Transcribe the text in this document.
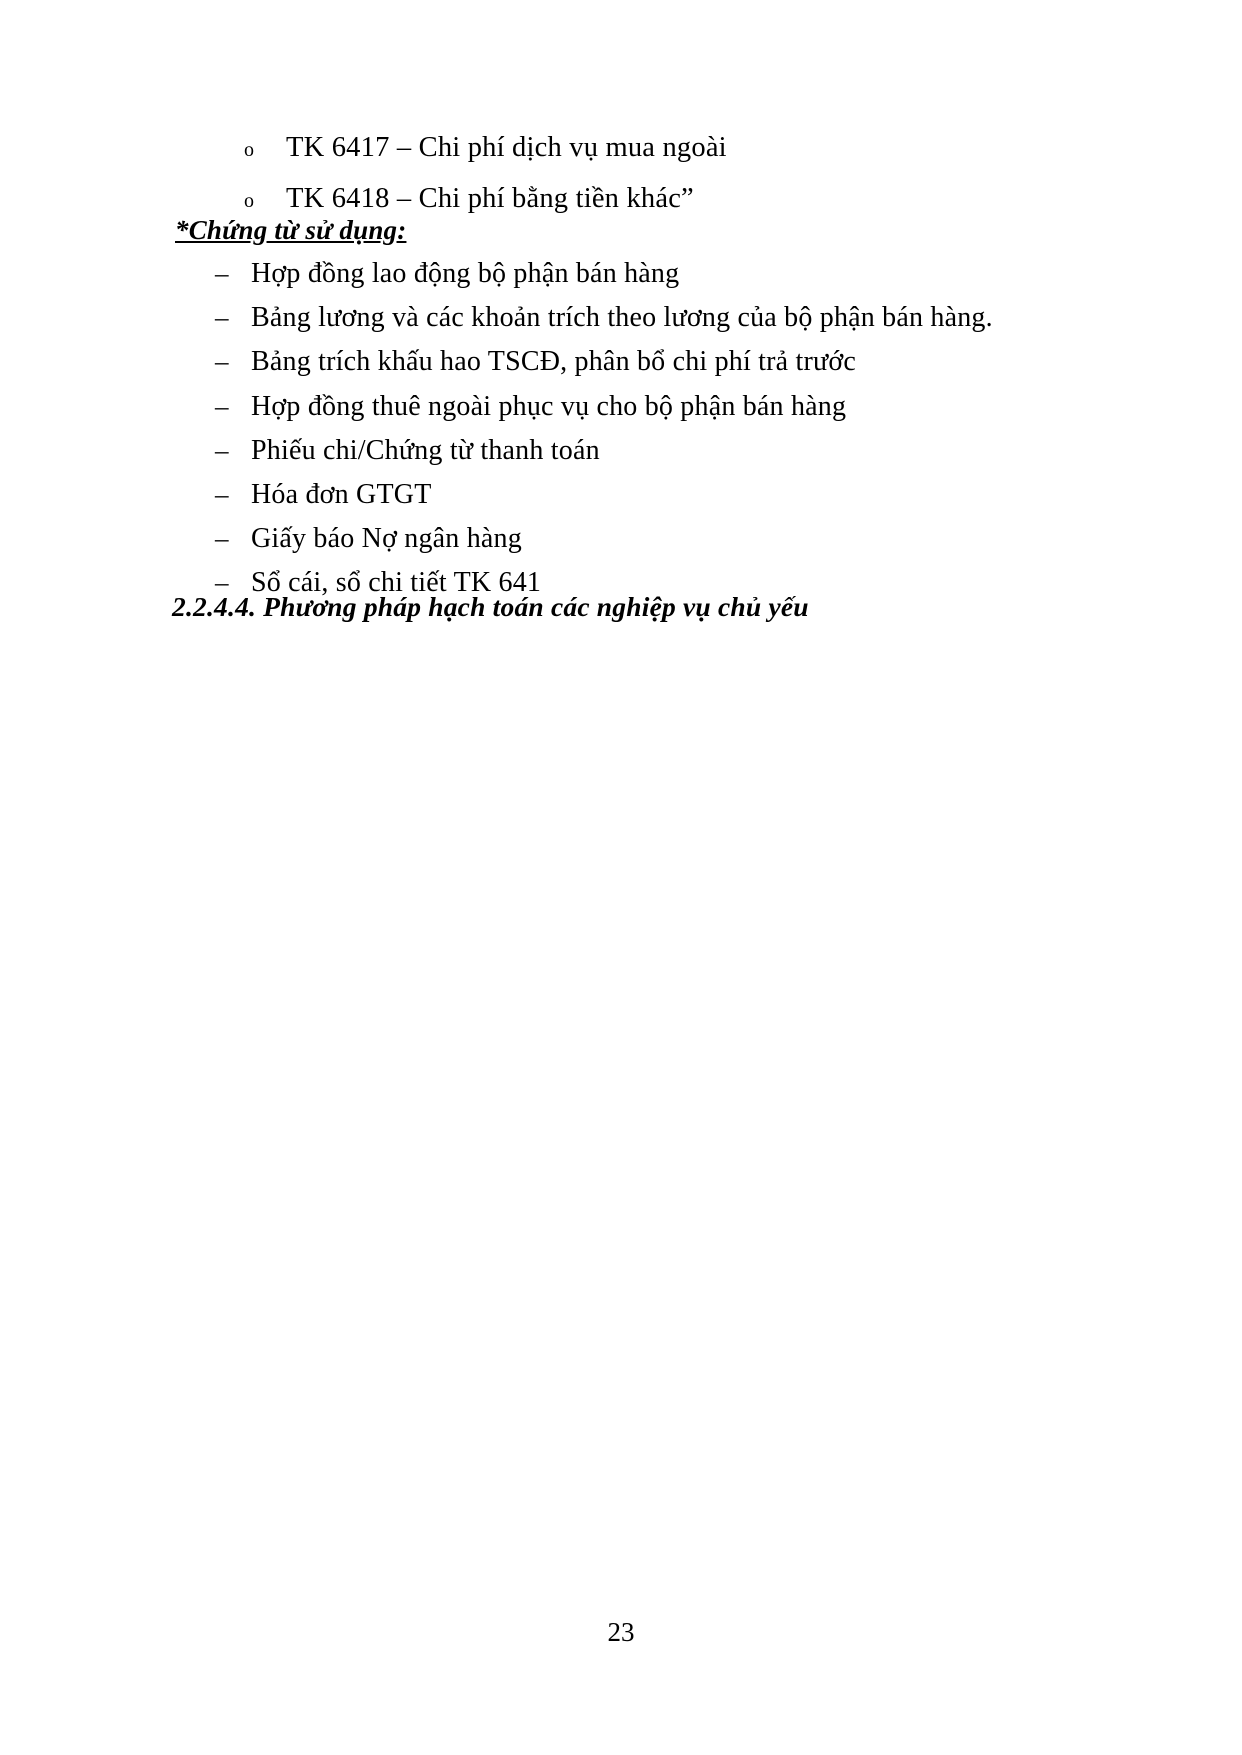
o	TK 6417 – Chi phí dịch vụ mua ngoài
o	TK 6418 – Chi phí bằng tiền khác”
*Chứng từ sử dụng:
– Hợp đồng lao động bộ phận bán hàng
– Bảng lương và các khoản trích theo lương của bộ phận bán hàng.
– Bảng trích khấu hao TSCĐ, phân bổ chi phí trả trước
– Hợp đồng thuê ngoài phục vụ cho bộ phận bán hàng
– Phiếu chi/Chứng từ thanh toán
– Hóa đơn GTGT
– Giấy báo Nợ ngân hàng
– Sổ cái, sổ chi tiết TK 641
2.2.4.4. Phương pháp hạch toán các nghiệp vụ chủ yếu
23
